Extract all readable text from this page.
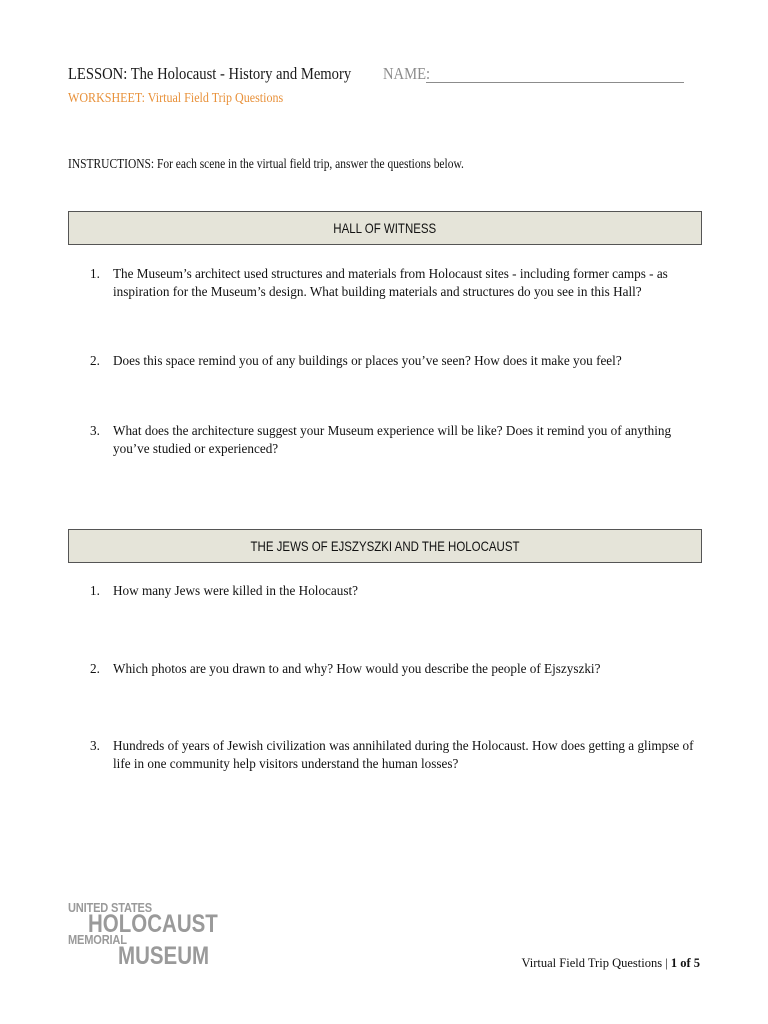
LESSON: The Holocaust - History and Memory NAME:
WORKSHEET: Virtual Field Trip Questions
INSTRUCTIONS: For each scene in the virtual field trip, answer the questions below.
HALL OF WITNESS
1. The Museum’s architect used structures and materials from Holocaust sites - including former camps - as inspiration for the Museum’s design. What building materials and structures do you see in this Hall?
2. Does this space remind you of any buildings or places you’ve seen? How does it make you feel?
3. What does the architecture suggest your Museum experience will be like? Does it remind you of anything you’ve studied or experienced?
THE JEWS OF EJSZYSZKI AND THE HOLOCAUST
1. How many Jews were killed in the Holocaust?
2. Which photos are you drawn to and why? How would you describe the people of Ejszyszki?
3. Hundreds of years of Jewish civilization was annihilated during the Holocaust. How does getting a glimpse of life in one community help visitors understand the human losses?
UNITED STATES
HOLOCAUST
MEMORIAL
MUSEUM	Virtual Field Trip Questions | 1 of 5
